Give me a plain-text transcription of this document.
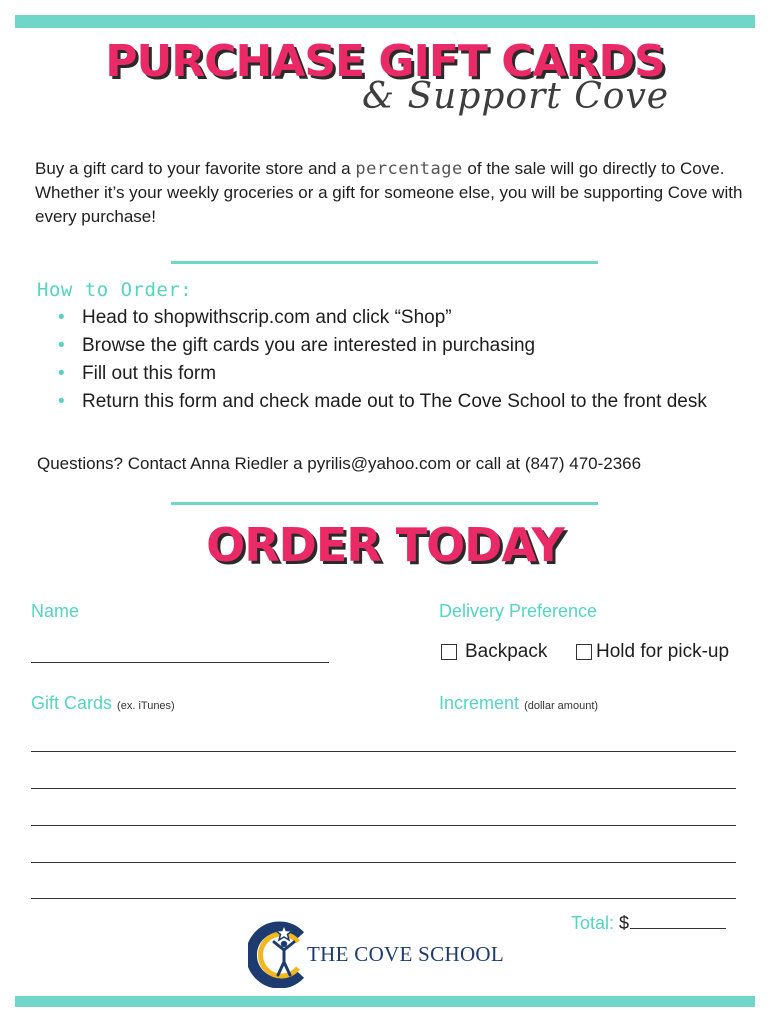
PURCHASE GIFT CARDS
& Support Cove
Buy a gift card to your favorite store and a percentage of the sale will go directly to Cove. Whether it’s your weekly groceries or a gift for someone else, you will be supporting Cove with every purchase!
How to Order:
• Head to shopwithscrip.com and click “Shop”
• Browse the gift cards you are interested in purchasing
• Fill out this form
• Return this form and check made out to The Cove School to the front desk
Questions? Contact Anna Riedler a pyrilis@yahoo.com or call at (847) 470-2366
ORDER TODAY
Name	Delivery Preference
Backpack	Hold for pick-up
Gift Cards (ex. iTunes)	Increment (dollar amount)
Total: $
THE COVE SCHOOL
